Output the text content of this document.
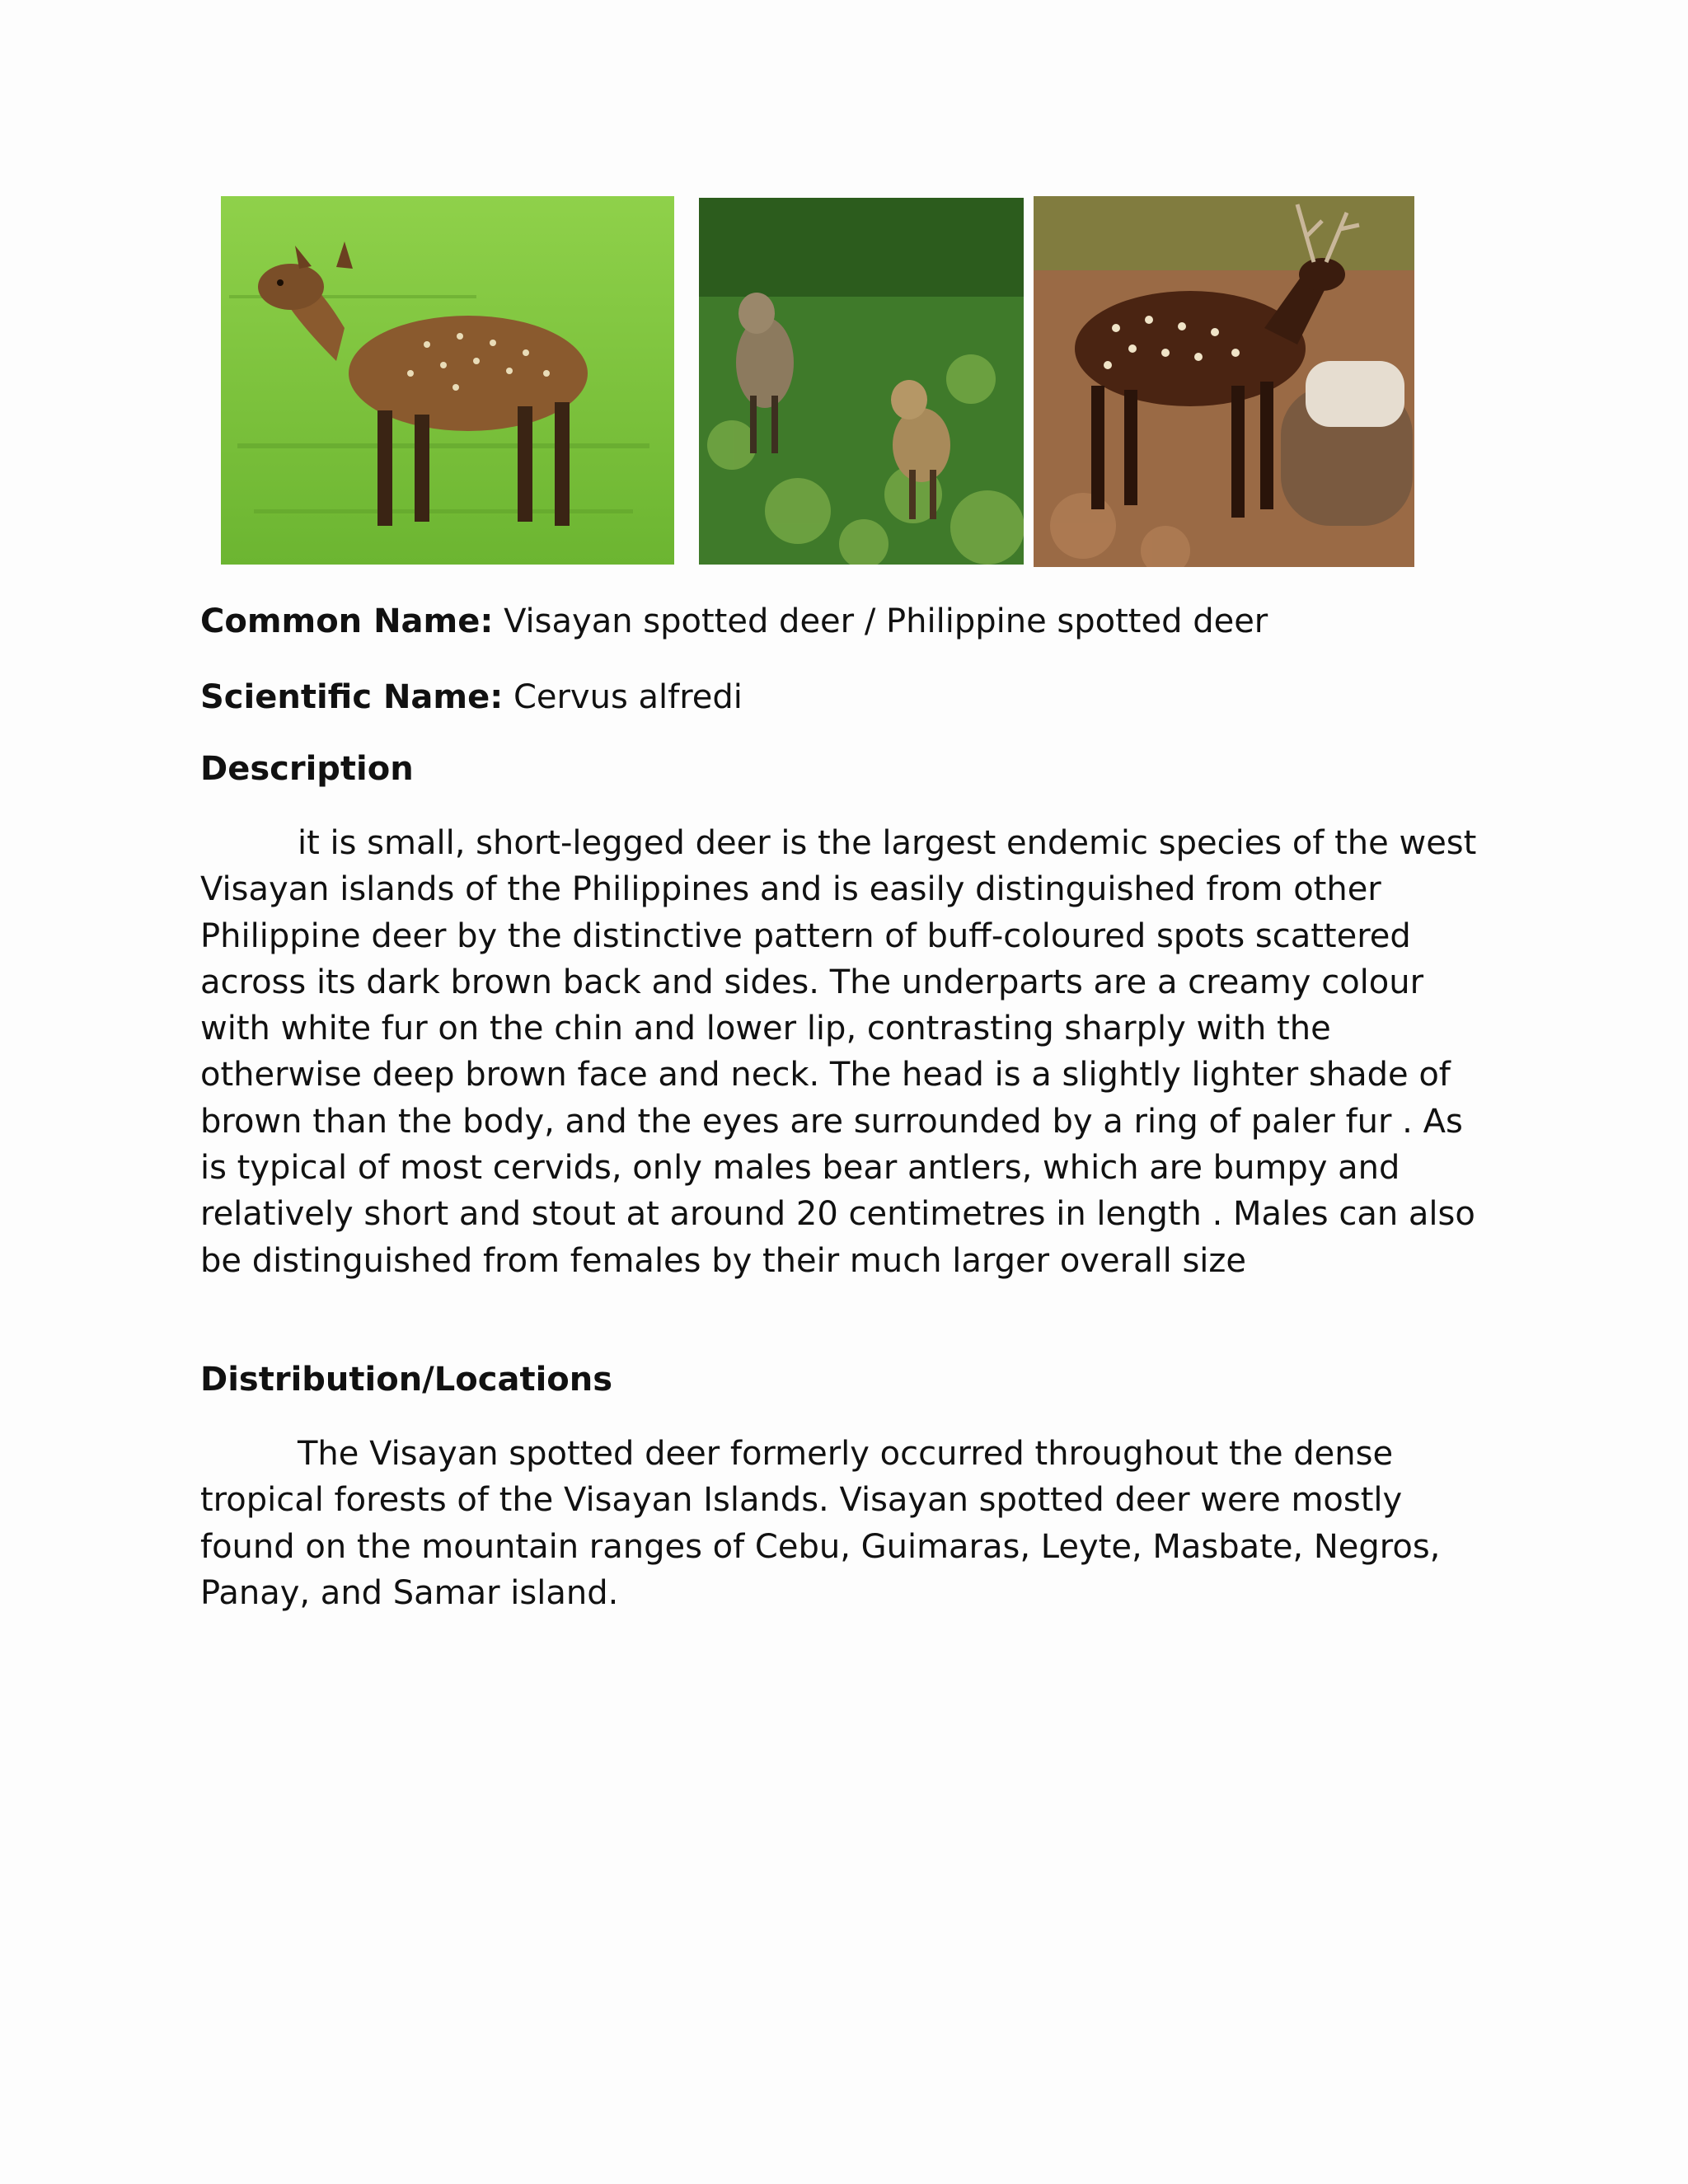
Common Name: Visayan spotted deer / Philippine spotted deer

Scientific Name: Cervus alfredi

Description

it is small, short-legged deer is the largest endemic species of the west Visayan islands of the Philippines and is easily distinguished from other Philippine deer by the distinctive pattern of buff-coloured spots scattered across its dark brown back and sides. The underparts are a creamy colour with white fur on the chin and lower lip, contrasting sharply with the otherwise deep brown face and neck. The head is a slightly lighter shade of brown than the body, and the eyes are surrounded by a ring of paler fur . As is typical of most cervids, only males bear antlers, which are bumpy and relatively short and stout at around 20 centimetres in length . Males can also be distinguished from females by their much larger overall size

Distribution/Locations

The Visayan spotted deer formerly occurred throughout the dense tropical forests of the Visayan Islands. Visayan spotted deer were mostly found on the mountain ranges of Cebu, Guimaras, Leyte, Masbate, Negros, Panay, and Samar island.
